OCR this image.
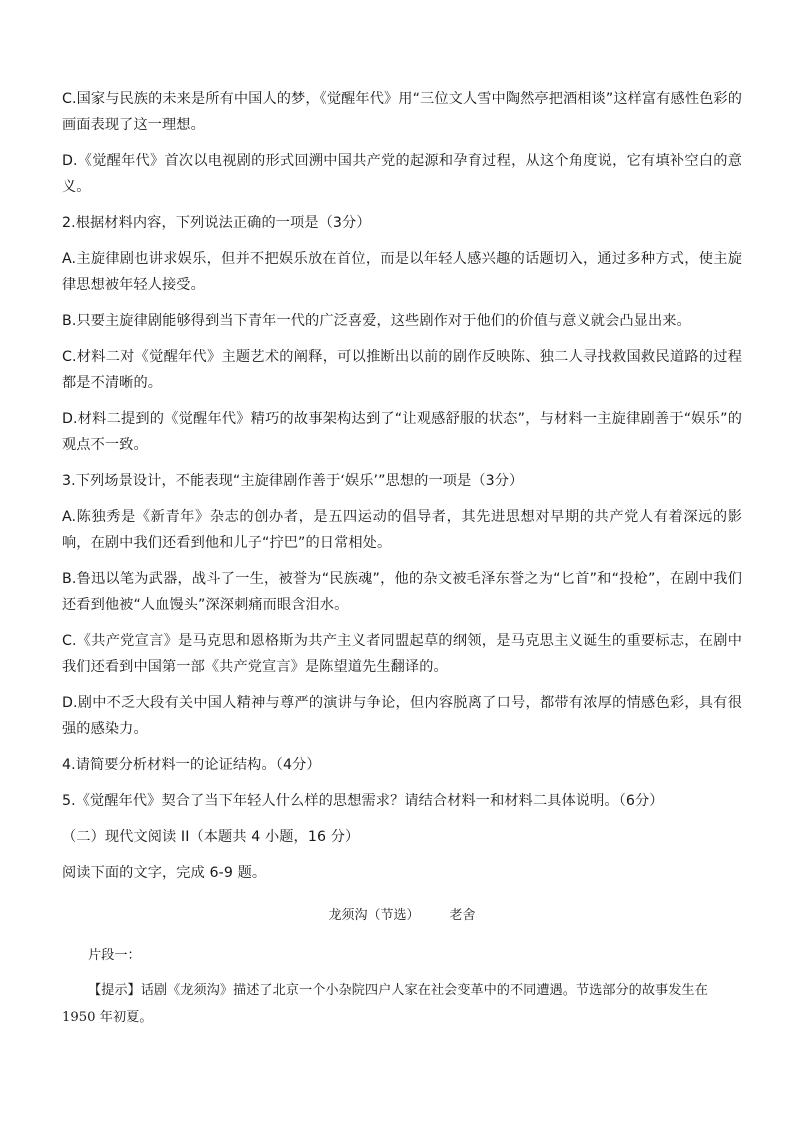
C.国家与民族的未来是所有中国人的梦，《觉醒年代》用“三位文人雪中陶然亭把酒相谈”这样富有感性色彩的画面表现了这一理想。

D.《觉醒年代》首次以电视剧的形式回溯中国共产党的起源和孕育过程，从这个角度说，它有填补空白的意义。

2.根据材料内容，下列说法正确的一项是（3分）

A.主旋律剧也讲求娱乐，但并不把娱乐放在首位，而是以年轻人感兴趣的话题切入，通过多种方式，使主旋律思想被年轻人接受。

B.只要主旋律剧能够得到当下青年一代的广泛喜爱，这些剧作对于他们的价值与意义就会凸显出来。

C.材料二对《觉醒年代》主题艺术的阐释，可以推断出以前的剧作反映陈、独二人寻找救国救民道路的过程都是不清晰的。

D.材料二提到的《觉醒年代》精巧的故事架构达到了“让观感舒服的状态”，与材料一主旋律剧善于“娱乐”的观点不一致。

3.下列场景设计，不能表现“主旋律剧作善于‘娱乐’”思想的一项是（3分）

A.陈独秀是《新青年》杂志的创办者，是五四运动的倡导者，其先进思想对早期的共产党人有着深远的影响，在剧中我们还看到他和儿子“拧巴”的日常相处。

B.鲁迅以笔为武器，战斗了一生，被誉为“民族魂”，他的杂文被毛泽东誉之为“匕首”和“投枪”，在剧中我们还看到他被“人血馒头”深深刺痛而眼含泪水。

C.《共产党宣言》是马克思和恩格斯为共产主义者同盟起草的纲领，是马克思主义诞生的重要标志，在剧中我们还看到中国第一部《共产党宣言》是陈望道先生翻译的。

D.剧中不乏大段有关中国人精神与尊严的演讲与争论，但内容脱离了口号，都带有浓厚的情感色彩，具有很强的感染力。

4.请简要分析材料一的论证结构。（4分）

5.《觉醒年代》契合了当下年轻人什么样的思想需求？请结合材料一和材料二具体说明。（6分）

（二）现代文阅读 II（本题共 4 小题，16 分）

阅读下面的文字，完成 6-9 题。

龙须沟（节选） 老舍

片段一：

【提示】话剧《龙须沟》描述了北京一个小杂院四户人家在社会变革中的不同遭遇。节选部分的故事发生在 1950 年初夏。
